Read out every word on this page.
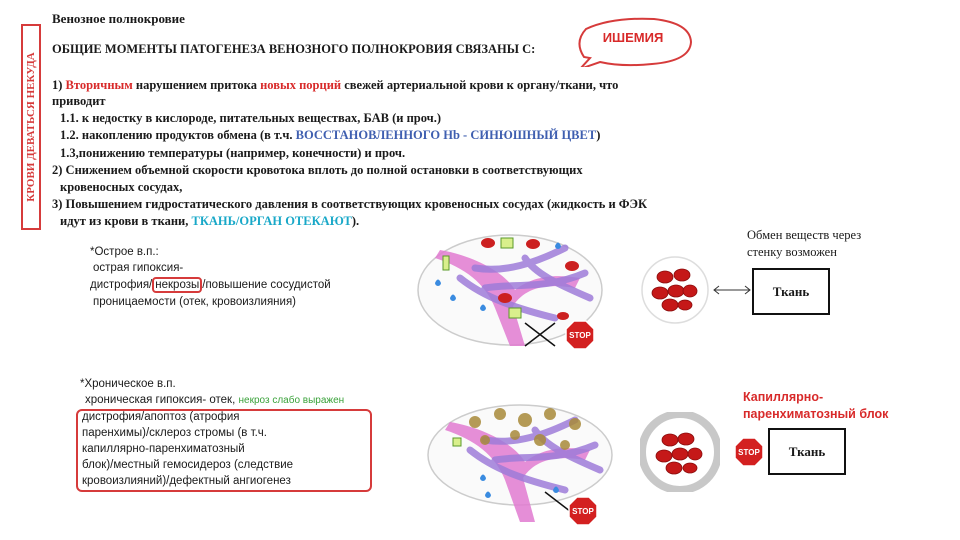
КРОВИ ДЕВАТЬСЯ НЕКУДА
Венозное полнокровие
ОБЩИЕ МОМЕНТЫ ПАТОГЕНЕЗА ВЕНОЗНОГО ПОЛНОКРОВИЯ СВЯЗАНЫ С:
ИШЕМИЯ
1) Вторичным нарушением притока новых порций свежей артериальной крови к органу/ткани, что
приводит
1.1. к недостку в кислороде, питательных веществах, БАВ (и проч.)
1.2. накоплению продуктов обмена (в т.ч. ВОССТАНОВЛЕННОГО Hb - СИНЮШНЫЙ ЦВЕТ)
1.3,понижению температуры (например, конечности) и проч.
2) Снижением объемной скорости кровотока вплоть до полной остановки в соответствующих
кровеносных сосудах,
3) Повышением гидростатического давления в соответствующих кровеносных сосудах (жидкость и ФЭК
идут из крови в ткани, ТКАНЬ/ОРГАН ОТЕКАЮТ).
*Острое в.п.:
острая гипоксия-
дистрофия/ некрозы /повышение сосудистой
проницаемости (отек, кровоизлияния)
*Хроническое в.п.
хроническая гипоксия- отек, некроз слабо выражен
дистрофия/апоптоз (атрофия
паренхимы)/склероз стромы (в т.ч.
капиллярно-паренхиматозный
блок)/местный гемосидероз (следствие
кровоизлияний)/дефектный ангиогенез
STOP
STOP
Обмен веществ через
стенку возможен
Ткань
Капиллярно-
паренхиматозный блок
STOP	Ткань
